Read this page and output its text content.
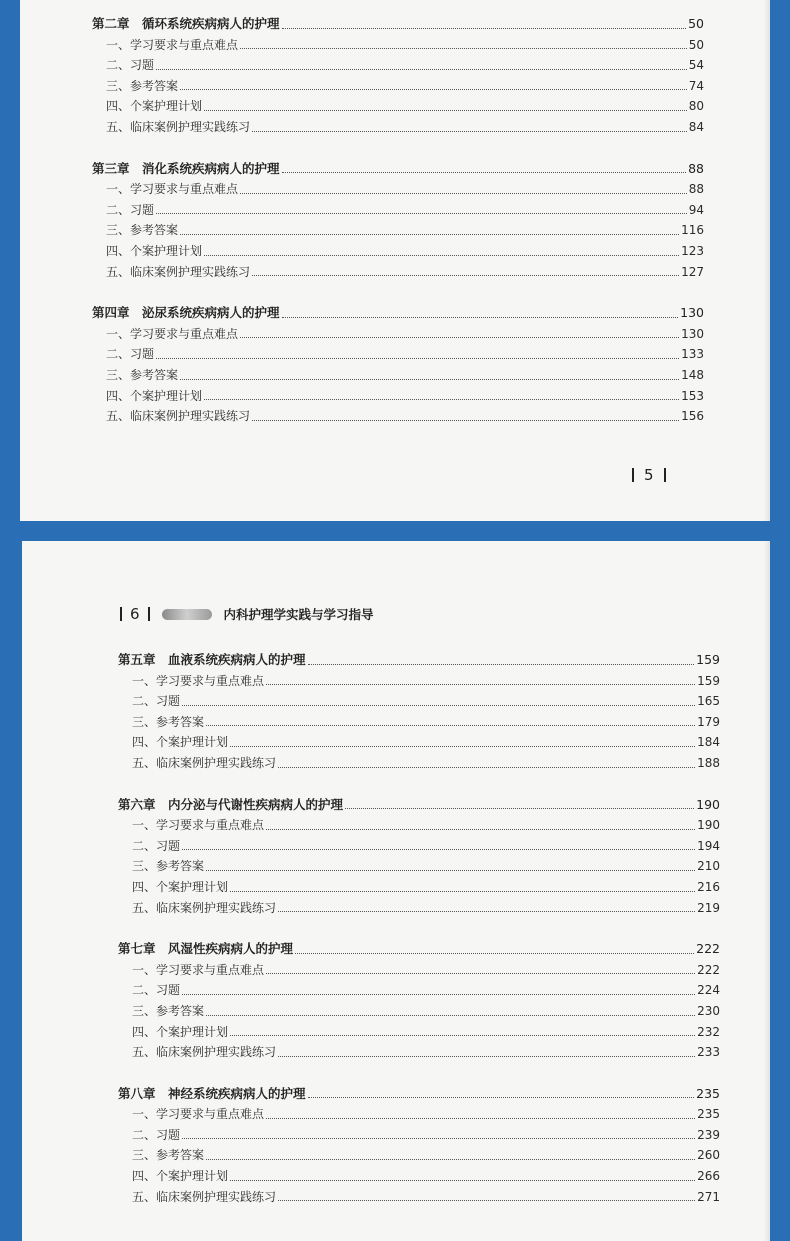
第二章　循环系统疾病病人的护理	50
一、学习要求与重点难点	50
二、习题	54
三、参考答案	74
四、个案护理计划	80
五、临床案例护理实践练习	84
第三章　消化系统疾病病人的护理	88
一、学习要求与重点难点	88
二、习题	94
三、参考答案	116
四、个案护理计划	123
五、临床案例护理实践练习	127
第四章　泌尿系统疾病病人的护理	130
一、学习要求与重点难点	130
二、习题	133
三、参考答案	148
四、个案护理计划	153
五、临床案例护理实践练习	156
5
6	内科护理学实践与学习指导
第五章　血液系统疾病病人的护理	159
一、学习要求与重点难点	159
二、习题	165
三、参考答案	179
四、个案护理计划	184
五、临床案例护理实践练习	188
第六章　内分泌与代谢性疾病病人的护理	190
一、学习要求与重点难点	190
二、习题	194
三、参考答案	210
四、个案护理计划	216
五、临床案例护理实践练习	219
第七章　风湿性疾病病人的护理	222
一、学习要求与重点难点	222
二、习题	224
三、参考答案	230
四、个案护理计划	232
五、临床案例护理实践练习	233
第八章　神经系统疾病病人的护理	235
一、学习要求与重点难点	235
二、习题	239
三、参考答案	260
四、个案护理计划	266
五、临床案例护理实践练习	271
